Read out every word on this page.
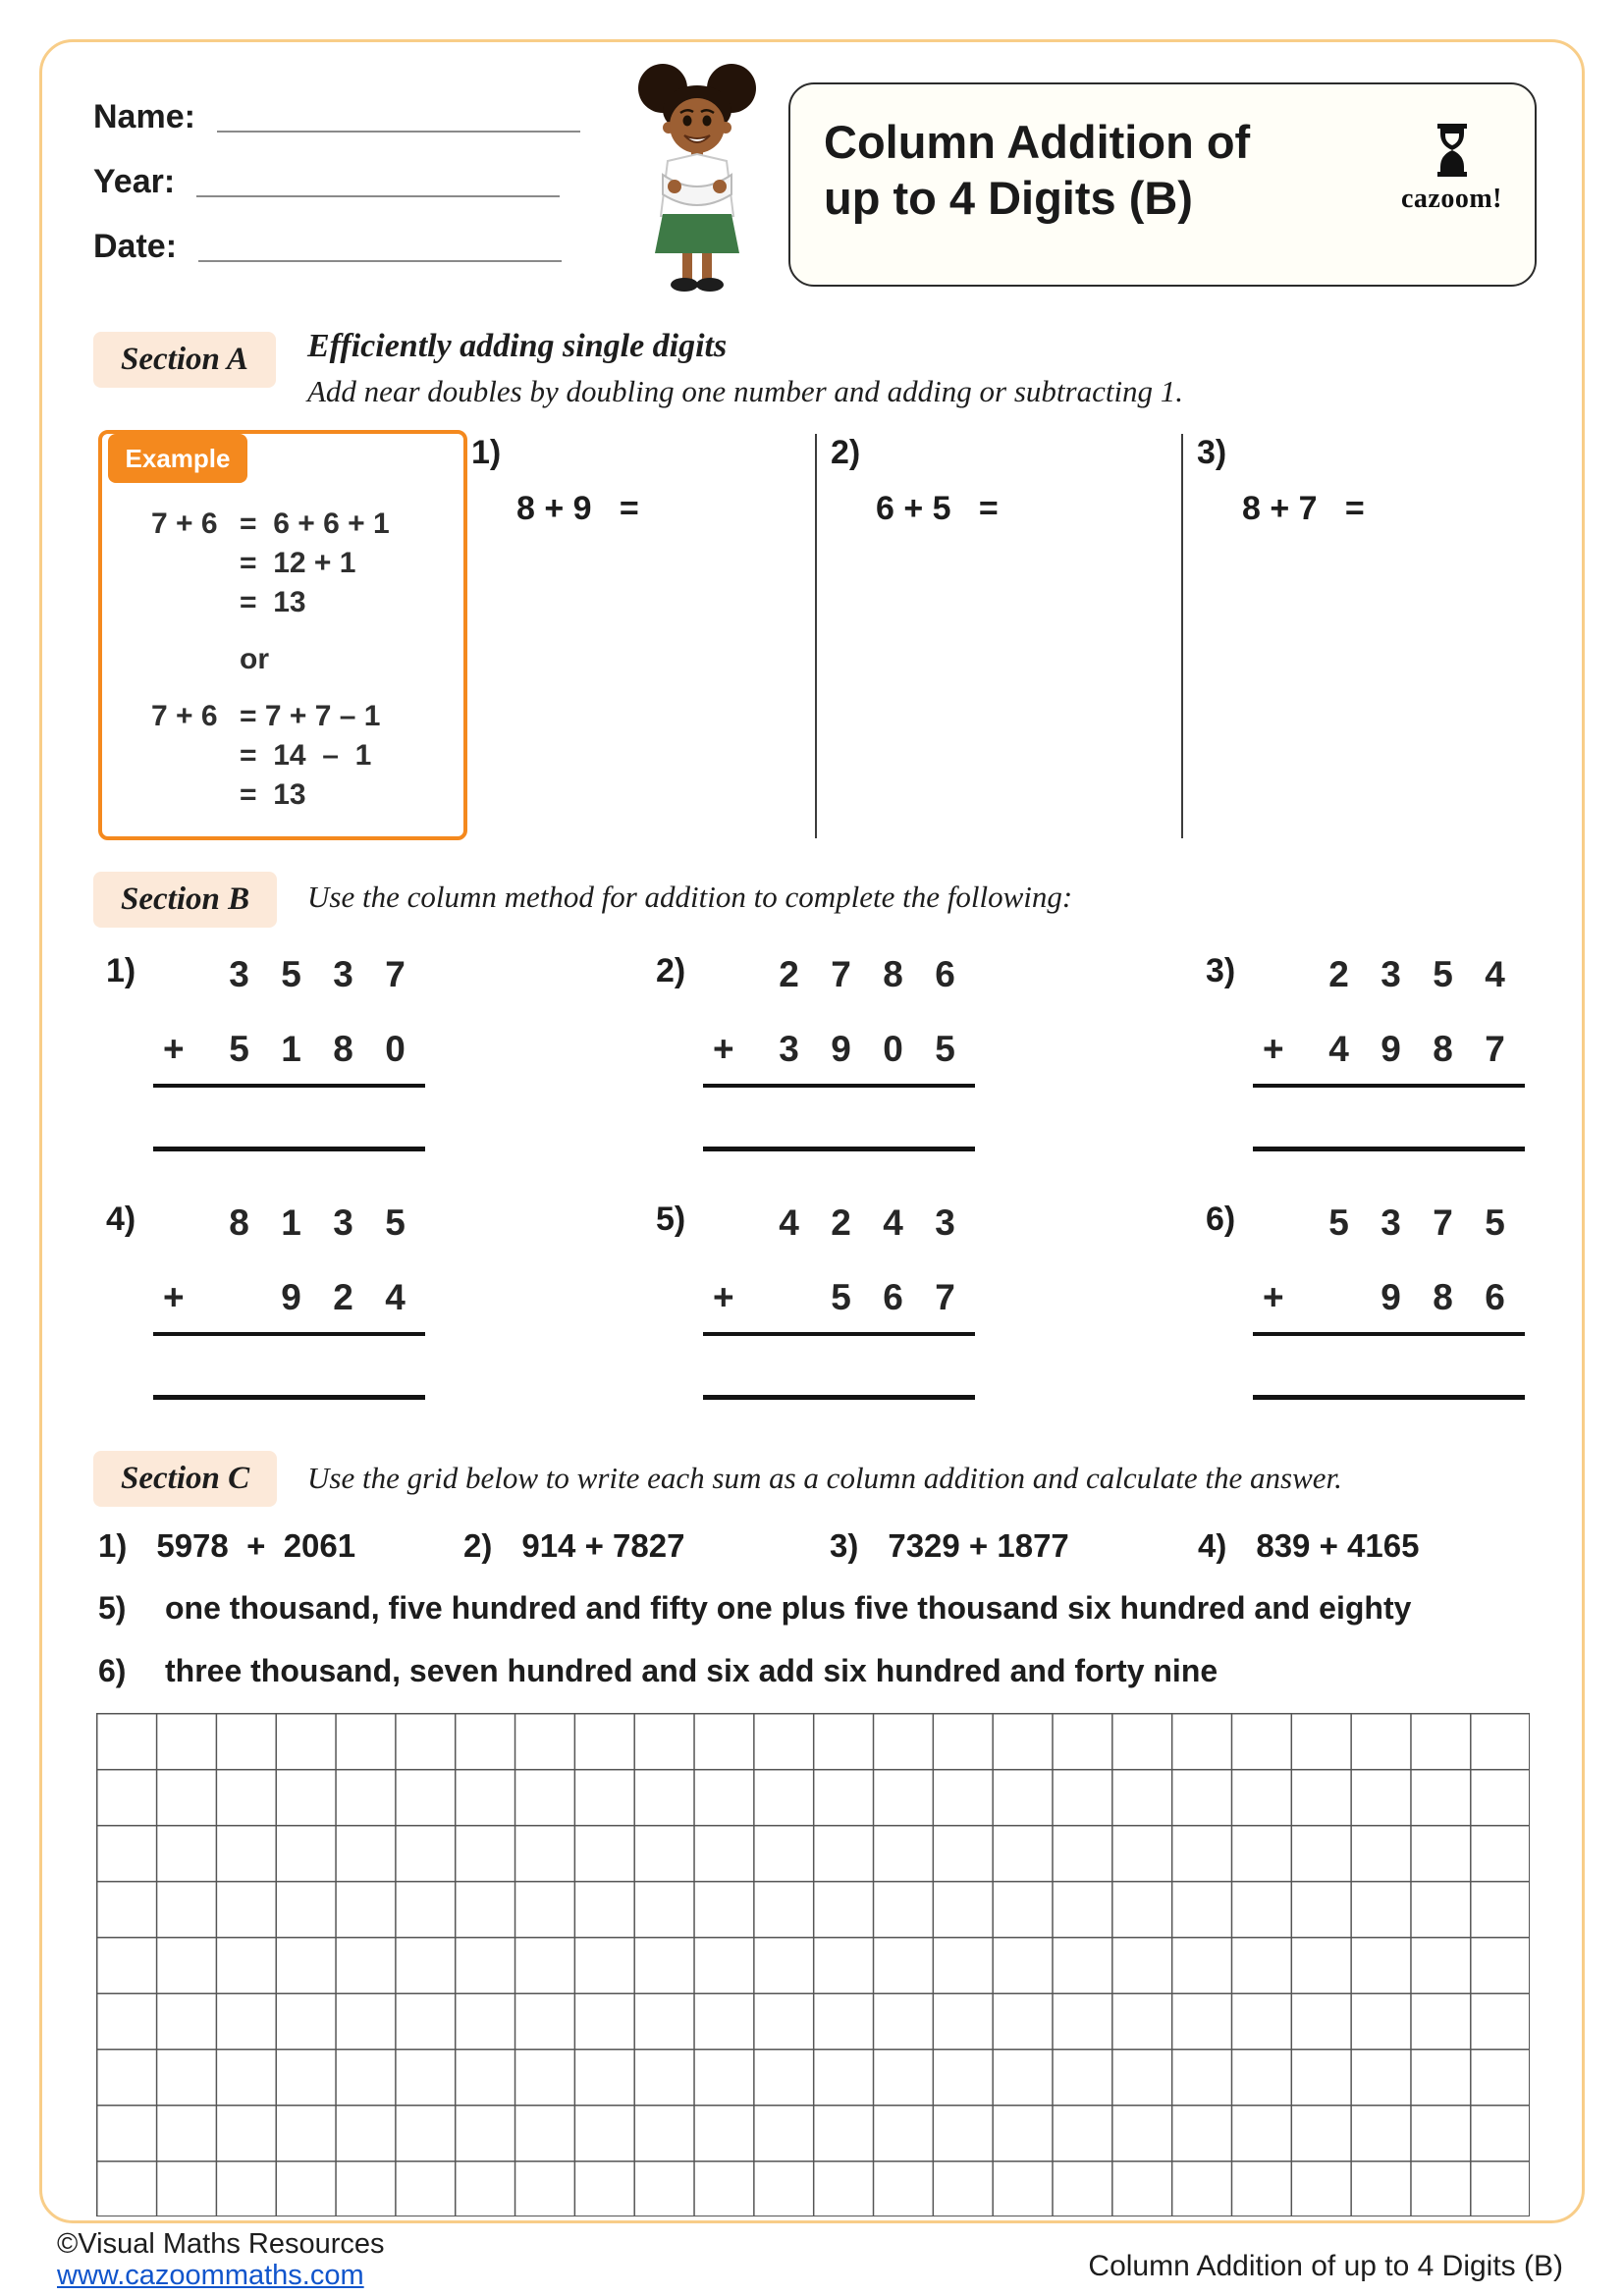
Name:
Year:
Date:
Column Addition of
up to 4 Digits (B)	cazoom!
Section A	Efficiently adding single digits
Add near doubles by doubling one number and adding or subtracting 1.
Example
7 + 6 =  6 + 6 + 1
=  12 + 1
=  13
or
7 + 6 = 7 + 7 – 1
=  14  –  1
=  13
1)
8 + 9   =
2)
6 + 5   =
3)
8 + 7   =
Section B	Use the column method for addition to complete the following:
1)	3 5 3 7
+	5 1 8 0
2)	2 7 8 6
+	3 9 0 5
3)	2 3 5 4
+	4 9 8 7
4)	8 1 3 5
+	9 2 4
5)	4 2 4 3
+	5 6 7
6)	5 3 7 5
+	9 8 6
Section C	Use the grid below to write each sum as a column addition and calculate the answer.
1) 5978  +  2061	2) 914 + 7827	3) 7329 + 1877	4) 839 + 4165
5) one thousand, five hundred and fifty one plus five thousand six hundred and eighty
6) three thousand, seven hundred and six add six hundred and forty nine
©Visual Maths Resources
www.cazoommaths.com	Column Addition of up to 4 Digits (B)
